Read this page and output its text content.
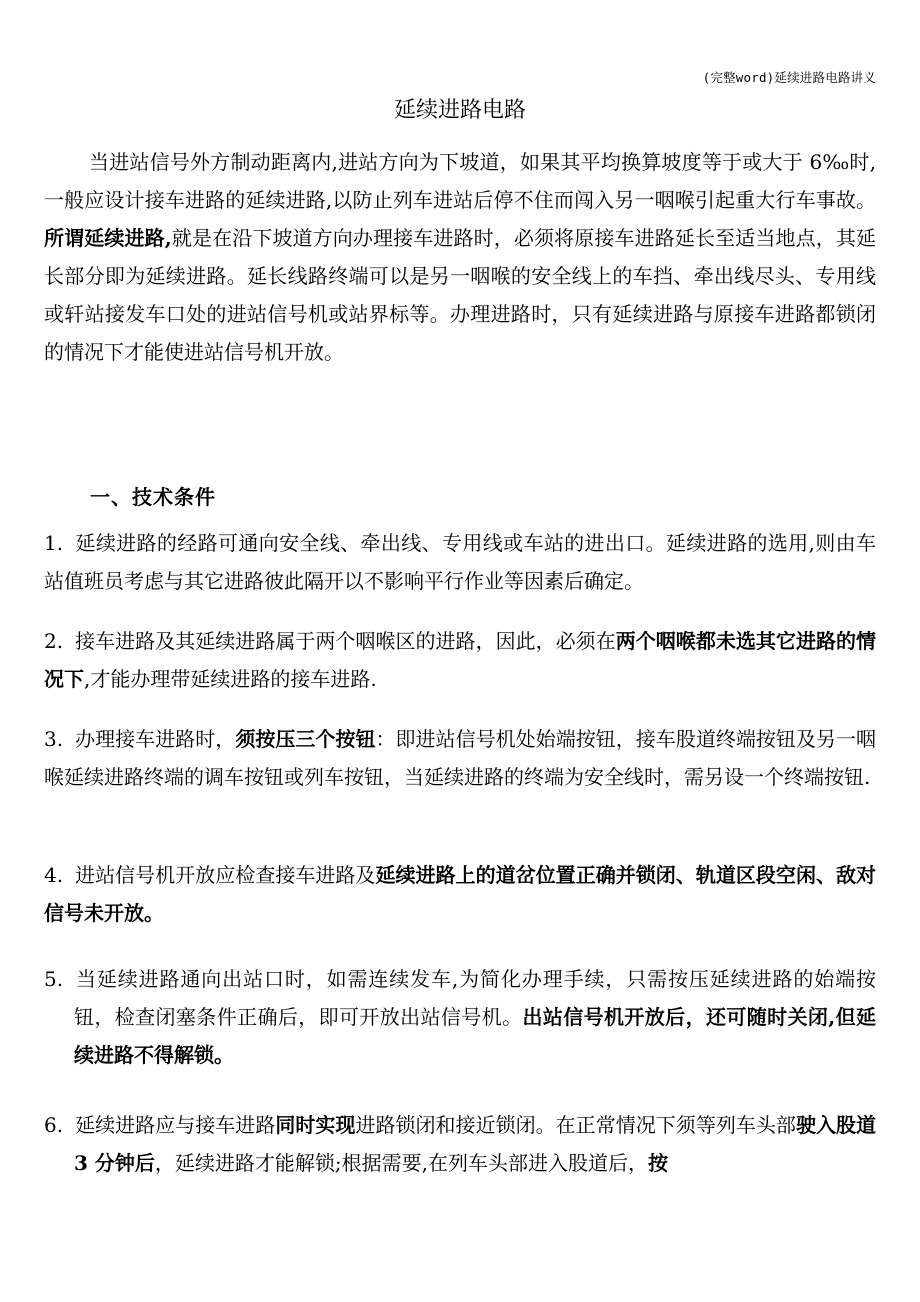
(完整word)延续进路电路讲义
延续进路电路

当进站信号外方制动距离内,进站方向为下坡道，如果其平均换算坡度等于或大于 6‰时,一般应设计接车进路的延续进路,以防止列车进站后停不住而闯入另一咽喉引起重大行车事故。所谓延续进路,就是在沿下坡道方向办理接车进路时，必须将原接车进路延长至适当地点，其延长部分即为延续进路。延长线路终端可以是另一咽喉的安全线上的车挡、牵出线尽头、专用线或轩站接发车口处的进站信号机或站界标等。办理进路时，只有延续进路与原接车进路都锁闭的情况下才能使进站信号机开放。

一、技术条件

1. 延续进路的经路可通向安全线、牵出线、专用线或车站的进出口。延续进路的选用,则由车站值班员考虑与其它进路彼此隔开以不影响平行作业等因素后确定。

2. 接车进路及其延续进路属于两个咽喉区的进路，因此，必须在两个咽喉都未选其它进路的情况下,才能办理带延续进路的接车进路.

3. 办理接车进路时，须按压三个按钮：即进站信号机处始端按钮，接车股道终端按钮及另一咽喉延续进路终端的调车按钮或列车按钮，当延续进路的终端为安全线时，需另设一个终端按钮.

4. 进站信号机开放应检查接车进路及延续进路上的道岔位置正确并锁闭、轨道区段空闲、敌对信号未开放。

5. 当延续进路通向出站口时，如需连续发车,为简化办理手续，只需按压延续进路的始端按钮，检查闭塞条件正确后，即可开放出站信号机。出站信号机开放后，还可随时关闭,但延续进路不得解锁。

6. 延续进路应与接车进路同时实现进路锁闭和接近锁闭。在正常情况下须等列车头部驶入股道 3 分钟后，延续进路才能解锁;根据需要,在列车头部进入股道后，按
